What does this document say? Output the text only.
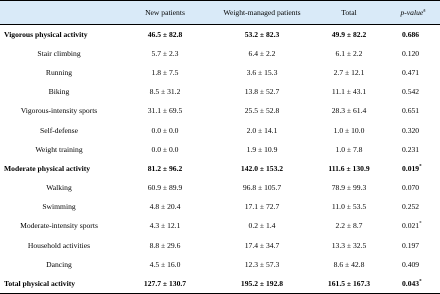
	New patients	Weight-managed patients	Total	p-value$^a$
Vigorous physical activity	46.5 ± 82.8	53.2 ± 82.3	49.9 ± 82.2	0.686
Stair climbing	5.7 ± 2.3	6.4 ± 2.2	6.1 ± 2.2	0.120
Running	1.8 ± 7.5	3.6 ± 15.3	2.7 ± 12.1	0.471
Biking	8.5 ± 31.2	13.8 ± 52.7	11.1 ± 43.1	0.542
Vigorous-intensity sports	31.1 ± 69.5	25.5 ± 52.8	28.3 ± 61.4	0.651
Self-defense	0.0 ± 0.0	2.0 ± 14.1	1.0 ± 10.0	0.320
Weight training	0.0 ± 0.0	1.9 ± 10.9	1.0 ± 7.8	0.231
Moderate physical activity	81.2 ± 96.2	142.0 ± 153.2	111.6 ± 130.9	0.019*
Walking	60.9 ± 89.9	96.8 ± 105.7	78.9 ± 99.3	0.070
Swimming	4.8 ± 20.4	17.1 ± 72.7	11.0 ± 53.5	0.252
Moderate-intensity sports	4.3 ± 12.1	0.2 ± 1.4	2.2 ± 8.7	0.021*
Household activities	8.8 ± 29.6	17.4 ± 34.7	13.3 ± 32.5	0.197
Dancing	4.5 ± 16.0	12.3 ± 57.3	8.6 ± 42.8	0.409
Total physical activity	127.7 ± 130.7	195.2 ± 192.8	161.5 ± 167.3	0.043*
